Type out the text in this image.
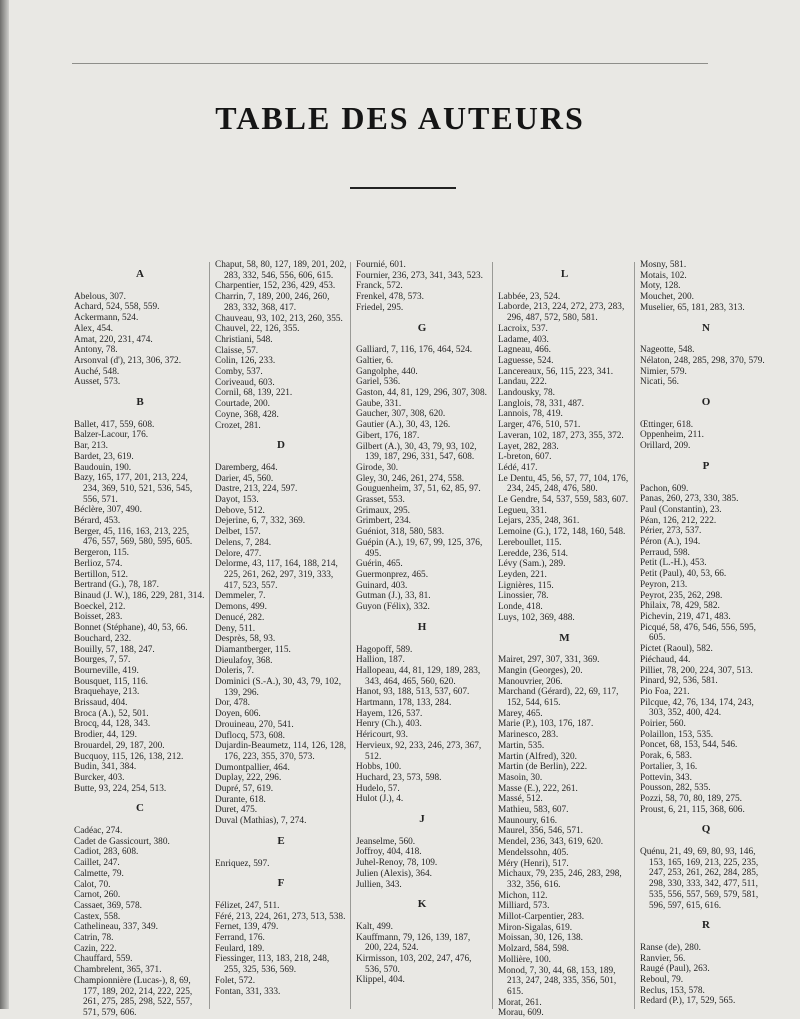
TABLE DES AUTEURS
A
Abelous, 307.
Achard, 524, 558, 559.
Ackermann, 524.
Alex, 454.
Amat, 220, 231, 474.
Antony, 78.
Arsonval (d'), 213, 306, 372.
Auché, 548.
Ausset, 573.
B
Ballet, 417, 559, 608.
Balzer-Lacour, 176.
Bar, 213.
Bardet, 23, 619.
Baudouin, 190.
Bazy, 165, 177, 201, 213, 224, 234, 369, 510, 521, 536, 545, 556, 571.
Béclère, 307, 490.
Bérard, 453.
Berger, 45, 116, 163, 213, 225, 476, 557, 569, 580, 595, 605.
Bergeron, 115.
Berlioz, 574.
Bertillon, 512.
Bertrand (G.), 78, 187.
Binaud (J. W.), 186, 229, 281, 314.
Boeckel, 212.
Boisset, 283.
Bonnet (Stéphane), 40, 53, 66.
Bouchard, 232.
Bouilly, 57, 188, 247.
Bourges, 7, 57.
Bourneville, 419.
Bousquet, 115, 116.
Braquehaye, 213.
Brissaud, 404.
Broca (A.), 52, 501.
Brocq, 44, 128, 343.
Brodier, 44, 129.
Brouardel, 29, 187, 200.
Bucquoy, 115, 126, 138, 212.
Budin, 341, 384.
Burcker, 403.
Butte, 93, 224, 254, 513.
C
Cadéac, 274.
Cadet de Gassicourt, 380.
Cadiot, 283, 608.
Caillet, 247.
Calmette, 79.
Calot, 70.
Carnot, 260.
Cassaet, 369, 578.
Castex, 558.
Cathelineau, 337, 349.
Catrin, 78.
Cazin, 222.
Chauffard, 559.
Chambrelent, 365, 371.
Championnière (Lucas-), 8, 69, 177, 189, 202, 214, 222, 225, 261, 275, 285, 298, 522, 557, 571, 579, 606.
Chaput, 58, 80, 127, 189, 201, 202, 283, 332, 546, 556, 606, 615.
Charpentier, 152, 236, 429, 453.
Charrin, 7, 189, 200, 246, 260, 283, 332, 368, 417.
Chauveau, 93, 102, 213, 260, 355.
Chauvel, 22, 126, 355.
Christiani, 548.
Claisse, 57.
Colin, 126, 233.
Comby, 537.
Coriveaud, 603.
Cornil, 68, 139, 221.
Courtade, 200.
Coyne, 368, 428.
Crozet, 281.
D
Daremberg, 464.
Darier, 45, 560.
Dastre, 213, 224, 597.
Dayot, 153.
Debove, 512.
Dejerine, 6, 7, 332, 369.
Delbet, 157.
Delens, 7, 284.
Delore, 477.
Delorme, 43, 117, 164, 188, 214, 225, 261, 262, 297, 319, 333, 417, 523, 557.
Demmeler, 7.
Demons, 499.
Denucé, 282.
Deny, 511.
Desprès, 58, 93.
Diamantberger, 115.
Dieulafoy, 368.
Doleris, 7.
Dominici (S.-A.), 30, 43, 79, 102, 139, 296.
Dor, 478.
Doyen, 606.
Drouineau, 270, 541.
Duflocq, 573, 608.
Dujardin-Beaumetz, 114, 126, 128, 176, 223, 355, 370, 573.
Dumontpallier, 464.
Duplay, 222, 296.
Dupré, 57, 619.
Durante, 618.
Duret, 475.
Duval (Mathias), 7, 274.
E
Enriquez, 597.
F
Félizet, 247, 511.
Féré, 213, 224, 261, 273, 513, 538.
Fernet, 139, 479.
Ferrand, 176.
Feulard, 189.
Fiessinger, 113, 183, 218, 248, 255, 325, 536, 569.
Folet, 572.
Fontan, 331, 333.
Fournié, 601.
Fournier, 236, 273, 341, 343, 523.
Franck, 572.
Frenkel, 478, 573.
Friedel, 295.
G
Galliard, 7, 116, 176, 464, 524.
Galtier, 6.
Gangolphe, 440.
Gariel, 536.
Gaston, 44, 81, 129, 296, 307, 308.
Gaube, 331.
Gaucher, 307, 308, 620.
Gautier (A.), 30, 43, 126.
Gibert, 176, 187.
Gilbert (A.), 30, 43, 79, 93, 102, 139, 187, 296, 331, 547, 608.
Girode, 30.
Gley, 30, 246, 261, 274, 558.
Gouguenheim, 37, 51, 62, 85, 97.
Grasset, 553.
Grimaux, 295.
Grimbert, 234.
Guéniot, 318, 580, 583.
Guépin (A.), 19, 67, 99, 125, 376, 495.
Guérin, 465.
Guermonprez, 465.
Guinard, 403.
Gutman (J.), 33, 81.
Guyon (Félix), 332.
H
Hagopoff, 589.
Hallion, 187.
Hallopeau, 44, 81, 129, 189, 283, 343, 464, 465, 560, 620.
Hanot, 93, 188, 513, 537, 607.
Hartmann, 178, 133, 284.
Hayem, 126, 537.
Henry (Ch.), 403.
Héricourt, 93.
Hervieux, 92, 233, 246, 273, 367, 512.
Hobbs, 100.
Huchard, 23, 573, 598.
Hudelo, 57.
Hulot (J.), 4.
J
Jeanselme, 560.
Joffroy, 404, 418.
Juhel-Renoy, 78, 109.
Julien (Alexis), 364.
Jullien, 343.
K
Kalt, 499.
Kauffmann, 79, 126, 139, 187, 200, 224, 524.
Kirmisson, 103, 202, 247, 476, 536, 570.
Klippel, 404.
L
Labbée, 23, 524.
Laborde, 213, 224, 272, 273, 283, 296, 487, 572, 580, 581.
Lacroix, 537.
Ladame, 403.
Lagneau, 466.
Laguesse, 524.
Lancereaux, 56, 115, 223, 341.
Landau, 222.
Landousky, 78.
Langlois, 78, 331, 487.
Lannois, 78, 419.
Larger, 476, 510, 571.
Laveran, 102, 187, 273, 355, 372.
Layet, 282, 283.
L-breton, 607.
Lédé, 417.
Le Dentu, 45, 56, 57, 77, 104, 176, 234, 245, 248, 476, 580.
Le Gendre, 54, 537, 559, 583, 607.
Legueu, 331.
Lejars, 235, 248, 361.
Lemoine (G.), 172, 148, 160, 548.
Lereboullet, 115.
Leredde, 236, 514.
Lévy (Sam.), 289.
Leyden, 221.
Lignières, 115.
Linossier, 78.
Londe, 418.
Luys, 102, 369, 488.
M
Mairet, 297, 307, 331, 369.
Mangin (Georges), 20.
Manouvrier, 206.
Marchand (Gérard), 22, 69, 117, 152, 544, 615.
Marey, 465.
Marie (P.), 103, 176, 187.
Marinesco, 283.
Martin, 535.
Martin (Alfred), 320.
Martin (de Berlin), 222.
Masoin, 30.
Masse (E.), 222, 261.
Massé, 512.
Mathieu, 583, 607.
Maunoury, 616.
Maurel, 356, 546, 571.
Mendel, 236, 343, 619, 620.
Mendelssohn, 405.
Méry (Henri), 517.
Michaux, 79, 235, 246, 283, 298, 332, 356, 616.
Michon, 112.
Milliard, 573.
Millot-Carpentier, 283.
Miron-Sigalas, 619.
Moissan, 30, 126, 138.
Molzard, 584, 598.
Mollière, 100.
Monod, 7, 30, 44, 68, 153, 189, 213, 247, 248, 335, 356, 501, 615.
Morat, 261.
Morau, 609.
Mosny, 581.
Motais, 102.
Moty, 128.
Mouchet, 200.
Muselier, 65, 181, 283, 313.
N
Nageotte, 548.
Nélaton, 248, 285, 298, 370, 579.
Nimier, 579.
Nicati, 56.
O
Œttinger, 618.
Oppenheim, 211.
Orillard, 209.
P
Pachon, 609.
Panas, 260, 273, 330, 385.
Paul (Constantin), 23.
Péan, 126, 212, 222.
Périer, 273, 537.
Péron (A.), 194.
Perraud, 598.
Petit (L.-H.), 453.
Petit (Paul), 40, 53, 66.
Peyron, 213.
Peyrot, 235, 262, 298.
Philaix, 78, 429, 582.
Pichevin, 219, 471, 483.
Picqué, 58, 476, 546, 556, 595, 605.
Pictet (Raoul), 582.
Piéchaud, 44.
Pilliet, 78, 200, 224, 307, 513.
Pinard, 92, 536, 581.
Pio Foa, 221.
Pilcque, 42, 76, 134, 174, 243, 303, 352, 400, 424.
Poirier, 560.
Polaillon, 153, 535.
Poncet, 68, 153, 544, 546.
Porak, 6, 583.
Portalier, 3, 16.
Pottevin, 343.
Pousson, 282, 535.
Pozzi, 58, 70, 80, 189, 275.
Proust, 6, 21, 115, 368, 606.
Q
Quénu, 21, 49, 69, 80, 93, 146, 153, 165, 169, 213, 225, 235, 247, 253, 261, 262, 284, 285, 298, 330, 333, 342, 477, 511, 535, 556, 557, 569, 579, 581, 596, 597, 615, 616.
R
Ranse (de), 280.
Ranvier, 56.
Raugé (Paul), 263.
Reboul, 79.
Reclus, 153, 578.
Redard (P.), 17, 529, 565.
